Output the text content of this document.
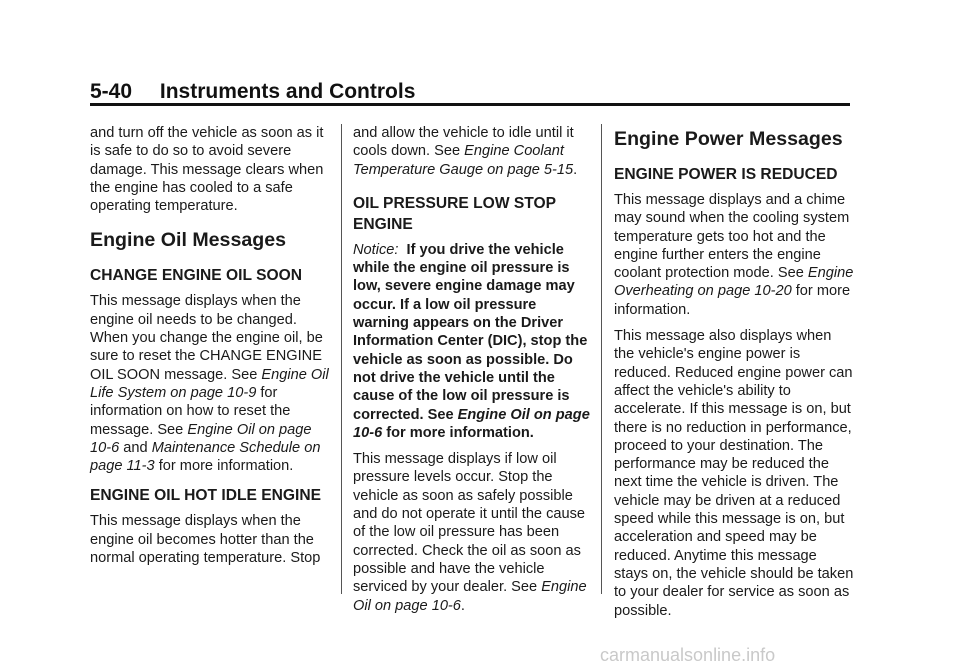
5-40 Instruments and Controls

and turn off the vehicle as soon as it is safe to do so to avoid severe damage. This message clears when the engine has cooled to a safe operating temperature.

Engine Oil Messages
CHANGE ENGINE OIL SOON

This message displays when the engine oil needs to be changed. When you change the engine oil, be sure to reset the CHANGE ENGINE OIL SOON message. See Engine Oil Life System on page 10-9 for information on how to reset the message. See Engine Oil on page 10-6 and Maintenance Schedule on page 11-3 for more information.

ENGINE OIL HOT IDLE ENGINE

This message displays when the engine oil becomes hotter than the normal operating temperature. Stop

and allow the vehicle to idle until it cools down. See Engine Coolant Temperature Gauge on page 5-15.

OIL PRESSURE LOW STOP ENGINE

Notice: If you drive the vehicle while the engine oil pressure is low, severe engine damage may occur. If a low oil pressure warning appears on the Driver Information Center (DIC), stop the vehicle as soon as possible. Do not drive the vehicle until the cause of the low oil pressure is corrected. See Engine Oil on page 10-6 for more information.

This message displays if low oil pressure levels occur. Stop the vehicle as soon as safely possible and do not operate it until the cause of the low oil pressure has been corrected. Check the oil as soon as possible and have the vehicle serviced by your dealer. See Engine Oil on page 10-6.

Engine Power Messages
ENGINE POWER IS REDUCED

This message displays and a chime may sound when the cooling system temperature gets too hot and the engine further enters the engine coolant protection mode. See Engine Overheating on page 10-20 for more information.

This message also displays when the vehicle's engine power is reduced. Reduced engine power can affect the vehicle's ability to accelerate. If this message is on, but there is no reduction in performance, proceed to your destination. The performance may be reduced the next time the vehicle is driven. The vehicle may be driven at a reduced speed while this message is on, but acceleration and speed may be reduced. Anytime this message stays on, the vehicle should be taken to your dealer for service as soon as possible.

carmanualsonline.info
